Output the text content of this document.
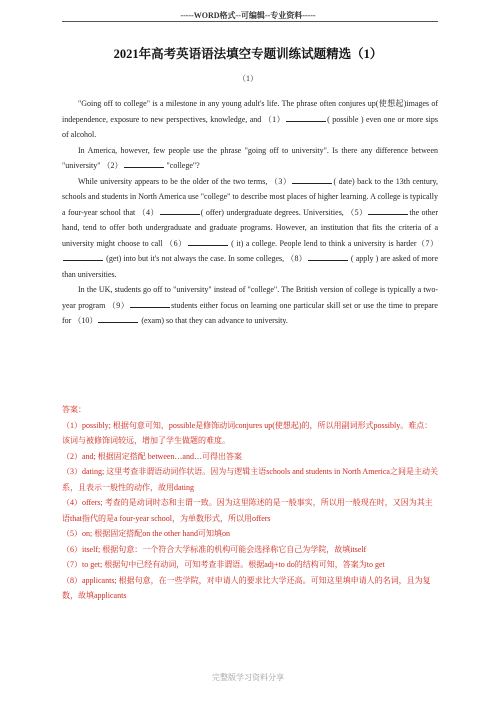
-----WORD格式--可编辑--专业资料-----
2021年高考英语语法填空专题训练试题精选（1）
（1）

"Going off to college" is a milestone in any young adult's life. The phrase often conjures up(使想起)images of independence, exposure to new perspectives, knowledge, and （1）	( possible ) even one or more sips of alcohol.

In America, however, few people use the phrase "going off to university". Is there any difference between "university" （2）	"college"?

While university appears to be the older of the two terms, （3）	( date) back to the 13th century, schools and students in North America use "college" to describe most places of higher learning. A college is typically a four-year school that （4）	( offer) undergraduate degrees. Universities, （5）	the other hand, tend to offer both undergraduate and graduate programs. However, an institution that fits the criteria of a university might choose to call （6）	( it) a college. People lend to think a university is harder（7） (get) into but it's not always the case. In some colleges, （8）	( apply ) are asked of more than universities.

In the UK, students go off to "university" instead of "college". The British version of college is typically a two-year program （9）	students either focus on learning one particular skill set or use the time to prepare for （10）	(exam) so that they can advance to university.

答案：

（1）possibly; 根据句意可知，possible是修饰动词conjures up(使想起)的，所以用副词形式possibly。难点：该词与被修饰词较远，增加了学生做题的难度。

（2）and; 根据固定搭配 between…and…可得出答案

（3）dating; 这里考查非谓语动词作状语。因为与逻辑主语schools and students in North America之间是主动关系，且表示一般性的动作，故用dating

（4）offers; 考查的是动词时态和主谓一致。因为这里陈述的是一般事实，所以用一般现在时，又因为其主语that指代的是a four-year school，为单数形式，所以用offers

（5）on; 根据固定搭配on the other hand可知填on

（6）itself; 根据句意：一个符合大学标准的机构可能会选择称它自己为学院，故填itself

（7）to get; 根据句中已经有动词，可知考查非谓语。根据adj+to do的结构可知，答案为to get

（8）applicants; 根据句意，在一些学院，对申请人的要求比大学还高。可知这里填申请人的名词，且为复数，故填applicants

完整版学习资料分享
